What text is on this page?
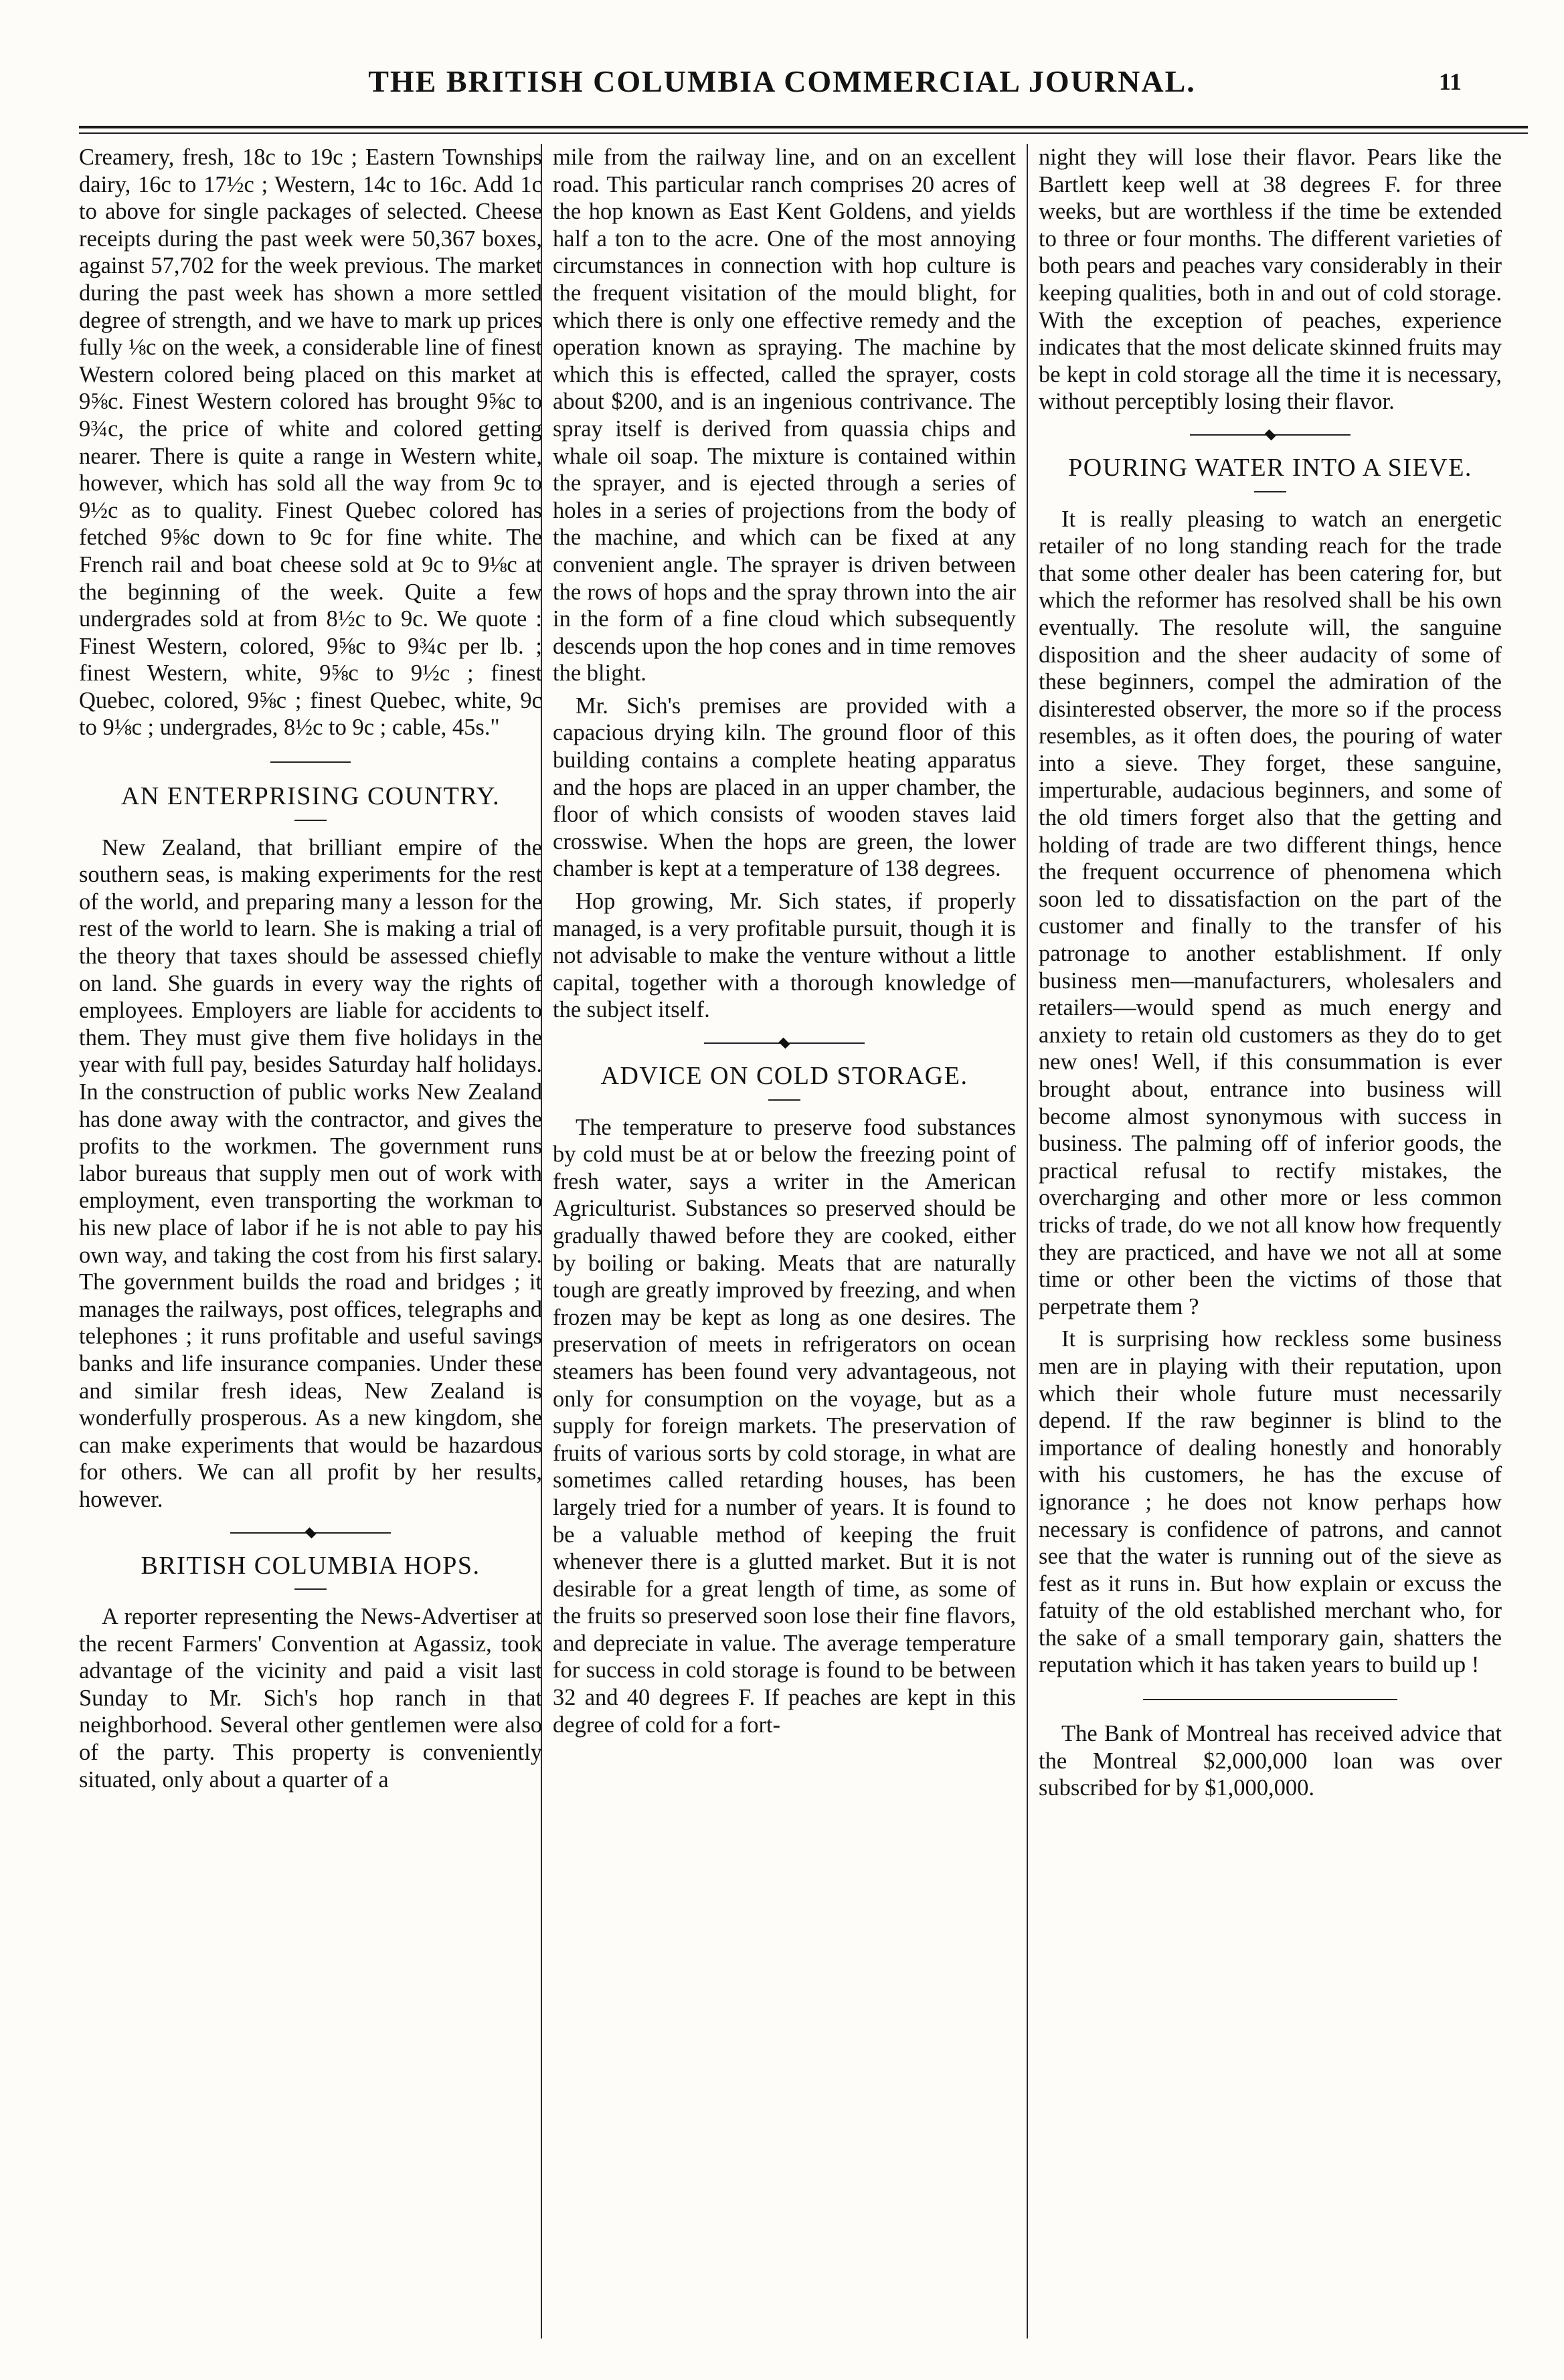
THE BRITISH COLUMBIA COMMERCIAL JOURNAL.	11

Creamery, fresh, 18c to 19c ; Eastern Townships dairy, 16c to 17½c ; Western, 14c to 16c. Add 1c to above for single packages of selected. Cheese receipts during the past week were 50,367 boxes, against 57,702 for the week previous. The market during the past week has shown a more settled degree of strength, and we have to mark up prices fully ⅛c on the week, a considerable line of finest Western colored being placed on this market at 9⅝c. Finest Western colored has brought 9⅝c to 9¾c, the price of white and colored getting nearer. There is quite a range in Western white, however, which has sold all the way from 9c to 9½c as to quality. Finest Quebec colored has fetched 9⅝c down to 9c for fine white. The French rail and boat cheese sold at 9c to 9⅛c at the beginning of the week. Quite a few undergrades sold at from 8½c to 9c. We quote : Finest Western, colored, 9⅝c to 9¾c per lb. ; finest Western, white, 9⅝c to 9½c ; finest Quebec, colored, 9⅝c ; finest Quebec, white, 9c to 9⅛c ; undergrades, 8½c to 9c ; cable, 45s."

AN ENTERPRISING COUNTRY.

New Zealand, that brilliant empire of the southern seas, is making experiments for the rest of the world, and preparing many a lesson for the rest of the world to learn. She is making a trial of the theory that taxes should be assessed chiefly on land. She guards in every way the rights of employees. Employers are liable for accidents to them. They must give them five holidays in the year with full pay, besides Saturday half holidays. In the construction of public works New Zealand has done away with the contractor, and gives the profits to the workmen. The government runs labor bureaus that supply men out of work with employment, even transporting the workman to his new place of labor if he is not able to pay his own way, and taking the cost from his first salary. The government builds the road and bridges ; it manages the railways, post offices, telegraphs and telephones ; it runs profitable and useful savings banks and life insurance companies. Under these and similar fresh ideas, New Zealand is wonderfully prosperous. As a new kingdom, she can make experiments that would be hazardous for others. We can all profit by her results, however.

BRITISH COLUMBIA HOPS.

A reporter representing the News-Advertiser at the recent Farmers' Convention at Agassiz, took advantage of the vicinity and paid a visit last Sunday to Mr. Sich's hop ranch in that neighborhood. Several other gentlemen were also of the party. This property is conveniently situated, only about a quarter of a

mile from the railway line, and on an excellent road. This particular ranch comprises 20 acres of the hop known as East Kent Goldens, and yields half a ton to the acre. One of the most annoying circumstances in connection with hop culture is the frequent visitation of the mould blight, for which there is only one effective remedy and the operation known as spraying. The machine by which this is effected, called the sprayer, costs about $200, and is an ingenious contrivance. The spray itself is derived from quassia chips and whale oil soap. The mixture is contained within the sprayer, and is ejected through a series of holes in a series of projections from the body of the machine, and which can be fixed at any convenient angle. The sprayer is driven between the rows of hops and the spray thrown into the air in the form of a fine cloud which subsequently descends upon the hop cones and in time removes the blight.

Mr. Sich's premises are provided with a capacious drying kiln. The ground floor of this building contains a complete heating apparatus and the hops are placed in an upper chamber, the floor of which consists of wooden staves laid crosswise. When the hops are green, the lower chamber is kept at a temperature of 138 degrees.

Hop growing, Mr. Sich states, if properly managed, is a very profitable pursuit, though it is not advisable to make the venture without a little capital, together with a thorough knowledge of the subject itself.

ADVICE ON COLD STORAGE.

The temperature to preserve food substances by cold must be at or below the freezing point of fresh water, says a writer in the American Agriculturist. Substances so preserved should be gradually thawed before they are cooked, either by boiling or baking. Meats that are naturally tough are greatly improved by freezing, and when frozen may be kept as long as one desires. The preservation of meets in refrigerators on ocean steamers has been found very advantageous, not only for consumption on the voyage, but as a supply for foreign markets. The preservation of fruits of various sorts by cold storage, in what are sometimes called retarding houses, has been largely tried for a number of years. It is found to be a valuable method of keeping the fruit whenever there is a glutted market. But it is not desirable for a great length of time, as some of the fruits so preserved soon lose their fine flavors, and depreciate in value. The average temperature for success in cold storage is found to be between 32 and 40 degrees F. If peaches are kept in this degree of cold for a fort-

night they will lose their flavor. Pears like the Bartlett keep well at 38 degrees F. for three weeks, but are worthless if the time be extended to three or four months. The different varieties of both pears and peaches vary considerably in their keeping qualities, both in and out of cold storage. With the exception of peaches, experience indicates that the most delicate skinned fruits may be kept in cold storage all the time it is necessary, without perceptibly losing their flavor.

POURING WATER INTO A SIEVE.

It is really pleasing to watch an energetic retailer of no long standing reach for the trade that some other dealer has been catering for, but which the reformer has resolved shall be his own eventually. The resolute will, the sanguine disposition and the sheer audacity of some of these beginners, compel the admiration of the disinterested observer, the more so if the process resembles, as it often does, the pouring of water into a sieve. They forget, these sanguine, imperturable, audacious beginners, and some of the old timers forget also that the getting and holding of trade are two different things, hence the frequent occurrence of phenomena which soon led to dissatisfaction on the part of the customer and finally to the transfer of his patronage to another establishment. If only business men—manufacturers, wholesalers and retailers—would spend as much energy and anxiety to retain old customers as they do to get new ones! Well, if this consummation is ever brought about, entrance into business will become almost synonymous with success in business. The palming off of inferior goods, the practical refusal to rectify mistakes, the overcharging and other more or less common tricks of trade, do we not all know how frequently they are practiced, and have we not all at some time or other been the victims of those that perpetrate them ?

It is surprising how reckless some business men are in playing with their reputation, upon which their whole future must necessarily depend. If the raw beginner is blind to the importance of dealing honestly and honorably with his customers, he has the excuse of ignorance ; he does not know perhaps how necessary is confidence of patrons, and cannot see that the water is running out of the sieve as fest as it runs in. But how explain or excuss the fatuity of the old established merchant who, for the sake of a small temporary gain, shatters the reputation which it has taken years to build up !

The Bank of Montreal has received advice that the Montreal $2,000,000 loan was over subscribed for by $1,000,000.
